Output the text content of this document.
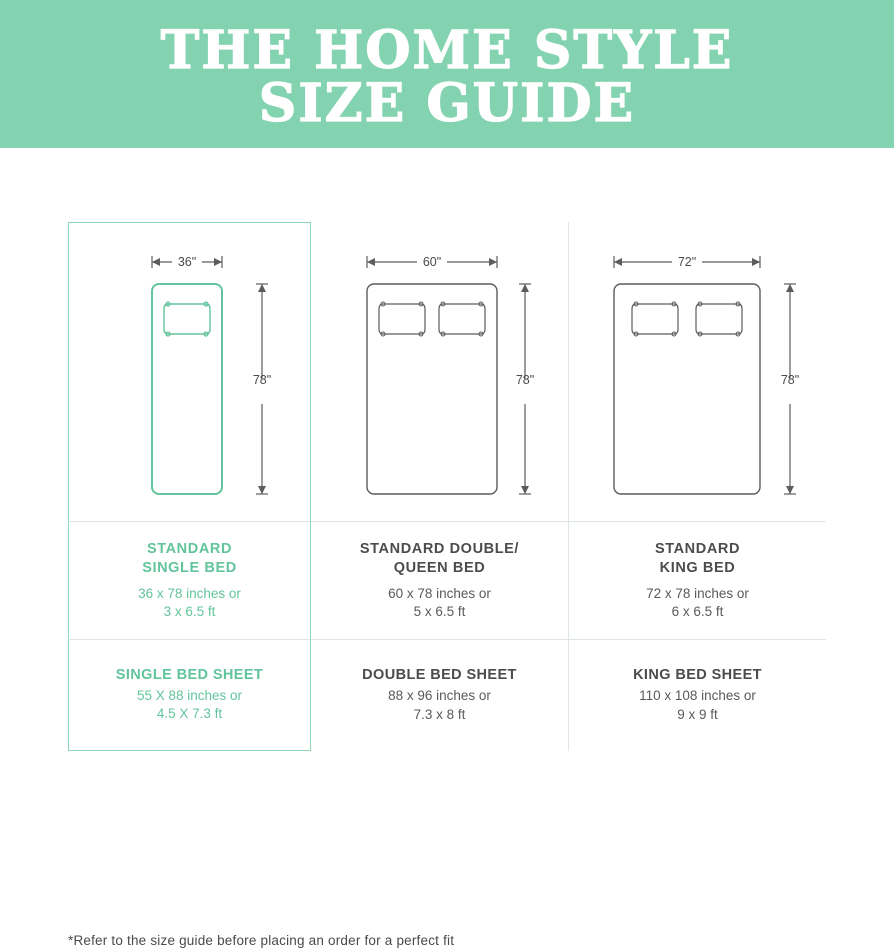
THE HOME STYLE
SIZE GUIDE
36"
78"
60"
78"
72"
78"
STANDARD
SINGLE BED
36 x 78 inches or
3 x 6.5 ft
STANDARD DOUBLE/
QUEEN BED
60 x 78 inches or
5 x 6.5 ft
STANDARD
KING BED
72 x 78 inches or
6 x 6.5 ft
SINGLE BED SHEET
55 X 88 inches or
4.5 X 7.3 ft
DOUBLE BED SHEET
88 x 96 inches or
7.3 x 8 ft
KING BED SHEET
110 x 108 inches or
9 x 9 ft
*Refer to the size guide before placing an order for a perfect fit
